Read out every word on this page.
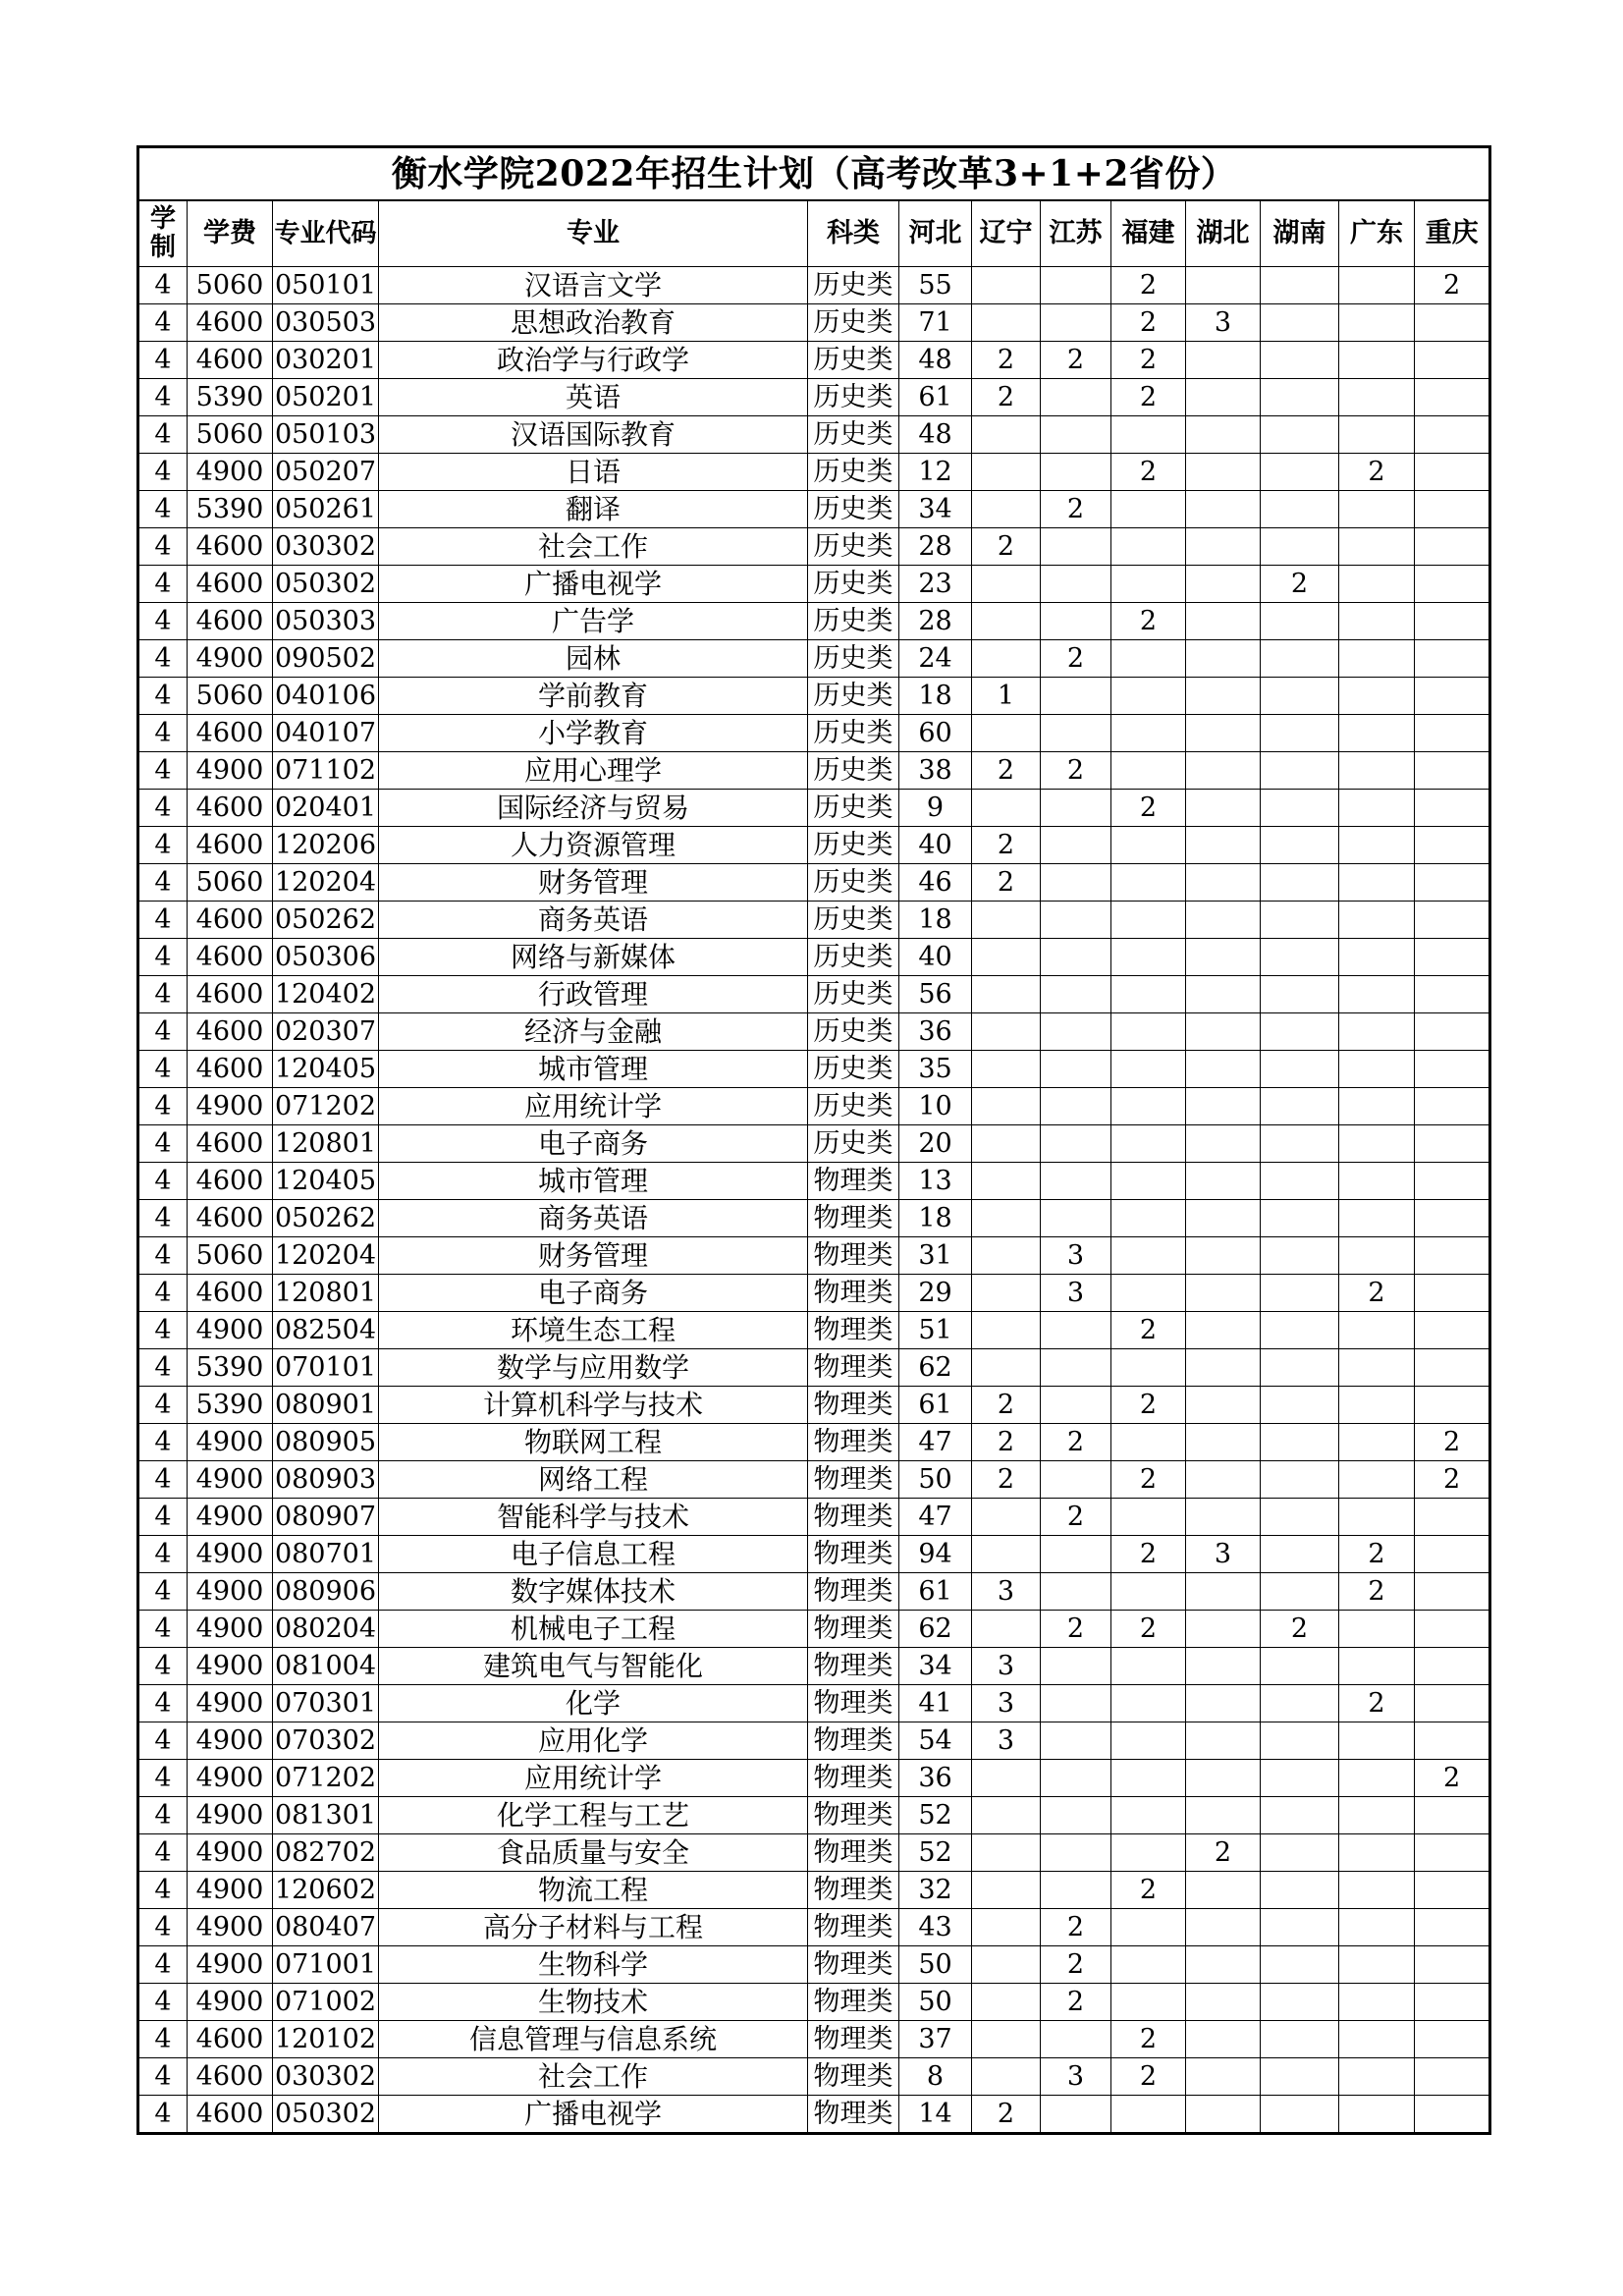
衡水学院2022年招生计划（高考改革3+1+2省份）												
学制	学费	专业代码	专业	科类	河北	辽宁	江苏	福建	湖北	湖南	广东	重庆
4	5060	050101	汉语言文学	历史类	55			2				2
4	4600	030503	思想政治教育	历史类	71			2	3			
4	4600	030201	政治学与行政学	历史类	48	2	2	2				
4	5390	050201	英语	历史类	61	2		2				
4	5060	050103	汉语国际教育	历史类	48							
4	4900	050207	日语	历史类	12			2			2	
4	5390	050261	翻译	历史类	34		2					
4	4600	030302	社会工作	历史类	28	2						
4	4600	050302	广播电视学	历史类	23					2		
4	4600	050303	广告学	历史类	28			2				
4	4900	090502	园林	历史类	24		2					
4	5060	040106	学前教育	历史类	18	1						
4	4600	040107	小学教育	历史类	60							
4	4900	071102	应用心理学	历史类	38	2	2					
4	4600	020401	国际经济与贸易	历史类	9			2				
4	4600	120206	人力资源管理	历史类	40	2						
4	5060	120204	财务管理	历史类	46	2						
4	4600	050262	商务英语	历史类	18							
4	4600	050306	网络与新媒体	历史类	40							
4	4600	120402	行政管理	历史类	56							
4	4600	020307	经济与金融	历史类	36							
4	4600	120405	城市管理	历史类	35							
4	4900	071202	应用统计学	历史类	10							
4	4600	120801	电子商务	历史类	20							
4	4600	120405	城市管理	物理类	13							
4	4600	050262	商务英语	物理类	18							
4	5060	120204	财务管理	物理类	31		3					
4	4600	120801	电子商务	物理类	29		3				2	
4	4900	082504	环境生态工程	物理类	51			2				
4	5390	070101	数学与应用数学	物理类	62							
4	5390	080901	计算机科学与技术	物理类	61	2		2				
4	4900	080905	物联网工程	物理类	47	2	2					2
4	4900	080903	网络工程	物理类	50	2		2				2
4	4900	080907	智能科学与技术	物理类	47		2					
4	4900	080701	电子信息工程	物理类	94			2	3		2	
4	4900	080906	数字媒体技术	物理类	61	3					2	
4	4900	080204	机械电子工程	物理类	62		2	2		2		
4	4900	081004	建筑电气与智能化	物理类	34	3						
4	4900	070301	化学	物理类	41	3					2	
4	4900	070302	应用化学	物理类	54	3						
4	4900	071202	应用统计学	物理类	36							2
4	4900	081301	化学工程与工艺	物理类	52							
4	4900	082702	食品质量与安全	物理类	52				2			
4	4900	120602	物流工程	物理类	32			2				
4	4900	080407	高分子材料与工程	物理类	43		2					
4	4900	071001	生物科学	物理类	50		2					
4	4900	071002	生物技术	物理类	50		2					
4	4600	120102	信息管理与信息系统	物理类	37			2				
4	4600	030302	社会工作	物理类	8		3	2				
4	4600	050302	广播电视学	物理类	14	2						
